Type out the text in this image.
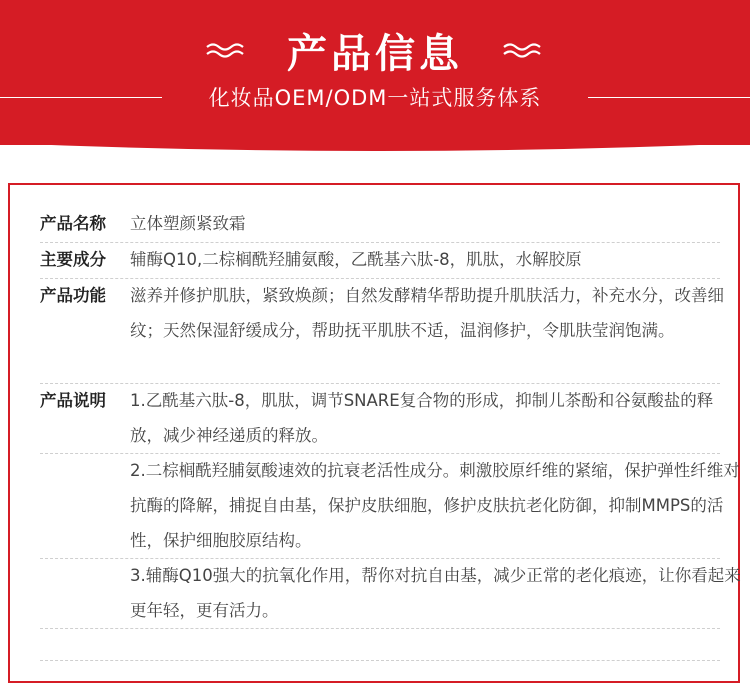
产品信息
化妆品OEM/ODM一站式服务体系
产品名称 立体塑颜紧致霜

主要成分 辅酶Q10,二棕榈酰羟脯氨酸，乙酰基六肽-8，肌肽，水解胶原

产品功能 滋养并修护肌肤，紧致焕颜；自然发酵精华帮助提升肌肤活力，补充水分，改善细纹；天然保湿舒缓成分，帮助抚平肌肤不适，温润修护，令肌肤莹润饱满。

产品说明 1.乙酰基六肽-8，肌肽，调节SNARE复合物的形成，抑制儿茶酚和谷氨酸盐的释放，减少神经递质的释放。

2.二棕榈酰羟脯氨酸速效的抗衰老活性成分。刺激胶原纤维的紧缩，保护弹性纤维对抗酶的降解，捕捉自由基，保护皮肤细胞，修护皮肤抗老化防御，抑制MMPS的活性，保护细胞胶原结构。

3.辅酶Q10强大的抗氧化作用，帮你对抗自由基，减少正常的老化痕迹，让你看起来更年轻，更有活力。
